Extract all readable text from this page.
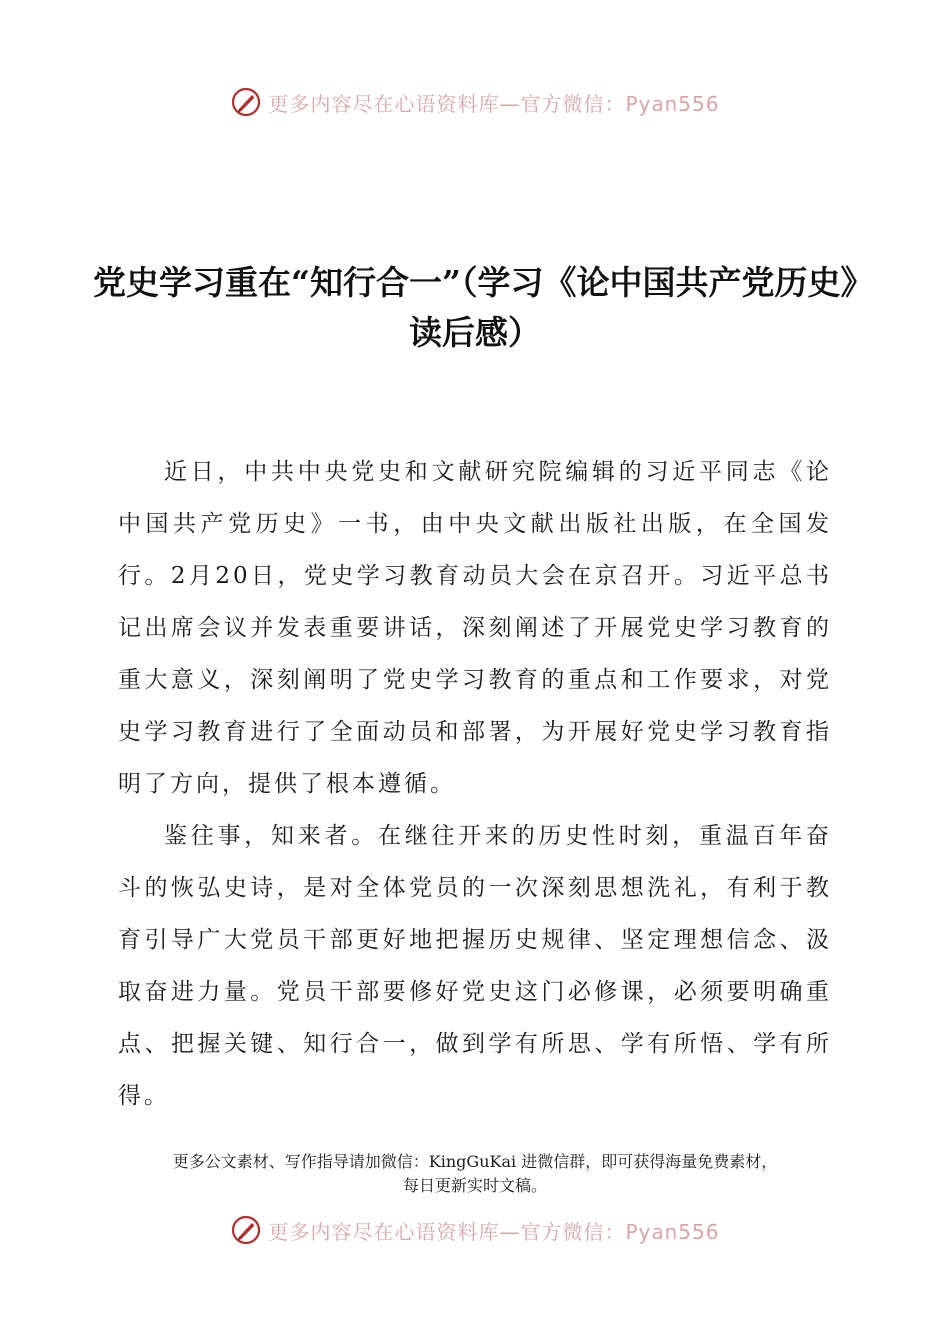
更多内容尽在心语资料库—官方微信：Pyan556
党史学习重在“知行合一”（学习《论中国共产党历史》读后感）

近日，中共中央党史和文献研究院编辑的习近平同志《论中国共产党历史》一书，由中央文献出版社出版，在全国发行。2月20日，党史学习教育动员大会在京召开。习近平总书记出席会议并发表重要讲话，深刻阐述了开展党史学习教育的重大意义，深刻阐明了党史学习教育的重点和工作要求，对党史学习教育进行了全面动员和部署，为开展好党史学习教育指明了方向，提供了根本遵循。

鉴往事，知来者。在继往开来的历史性时刻，重温百年奋斗的恢弘史诗，是对全体党员的一次深刻思想洗礼，有利于教育引导广大党员干部更好地把握历史规律、坚定理想信念、汲取奋进力量。党员干部要修好党史这门必修课，必须要明确重点、把握关键、知行合一，做到学有所思、学有所悟、学有所得。

更多公文素材、写作指导请加微信：KingGuKai 进微信群，即可获得海量免费素材，
每日更新实时文稿。
更多内容尽在心语资料库—官方微信：Pyan556
